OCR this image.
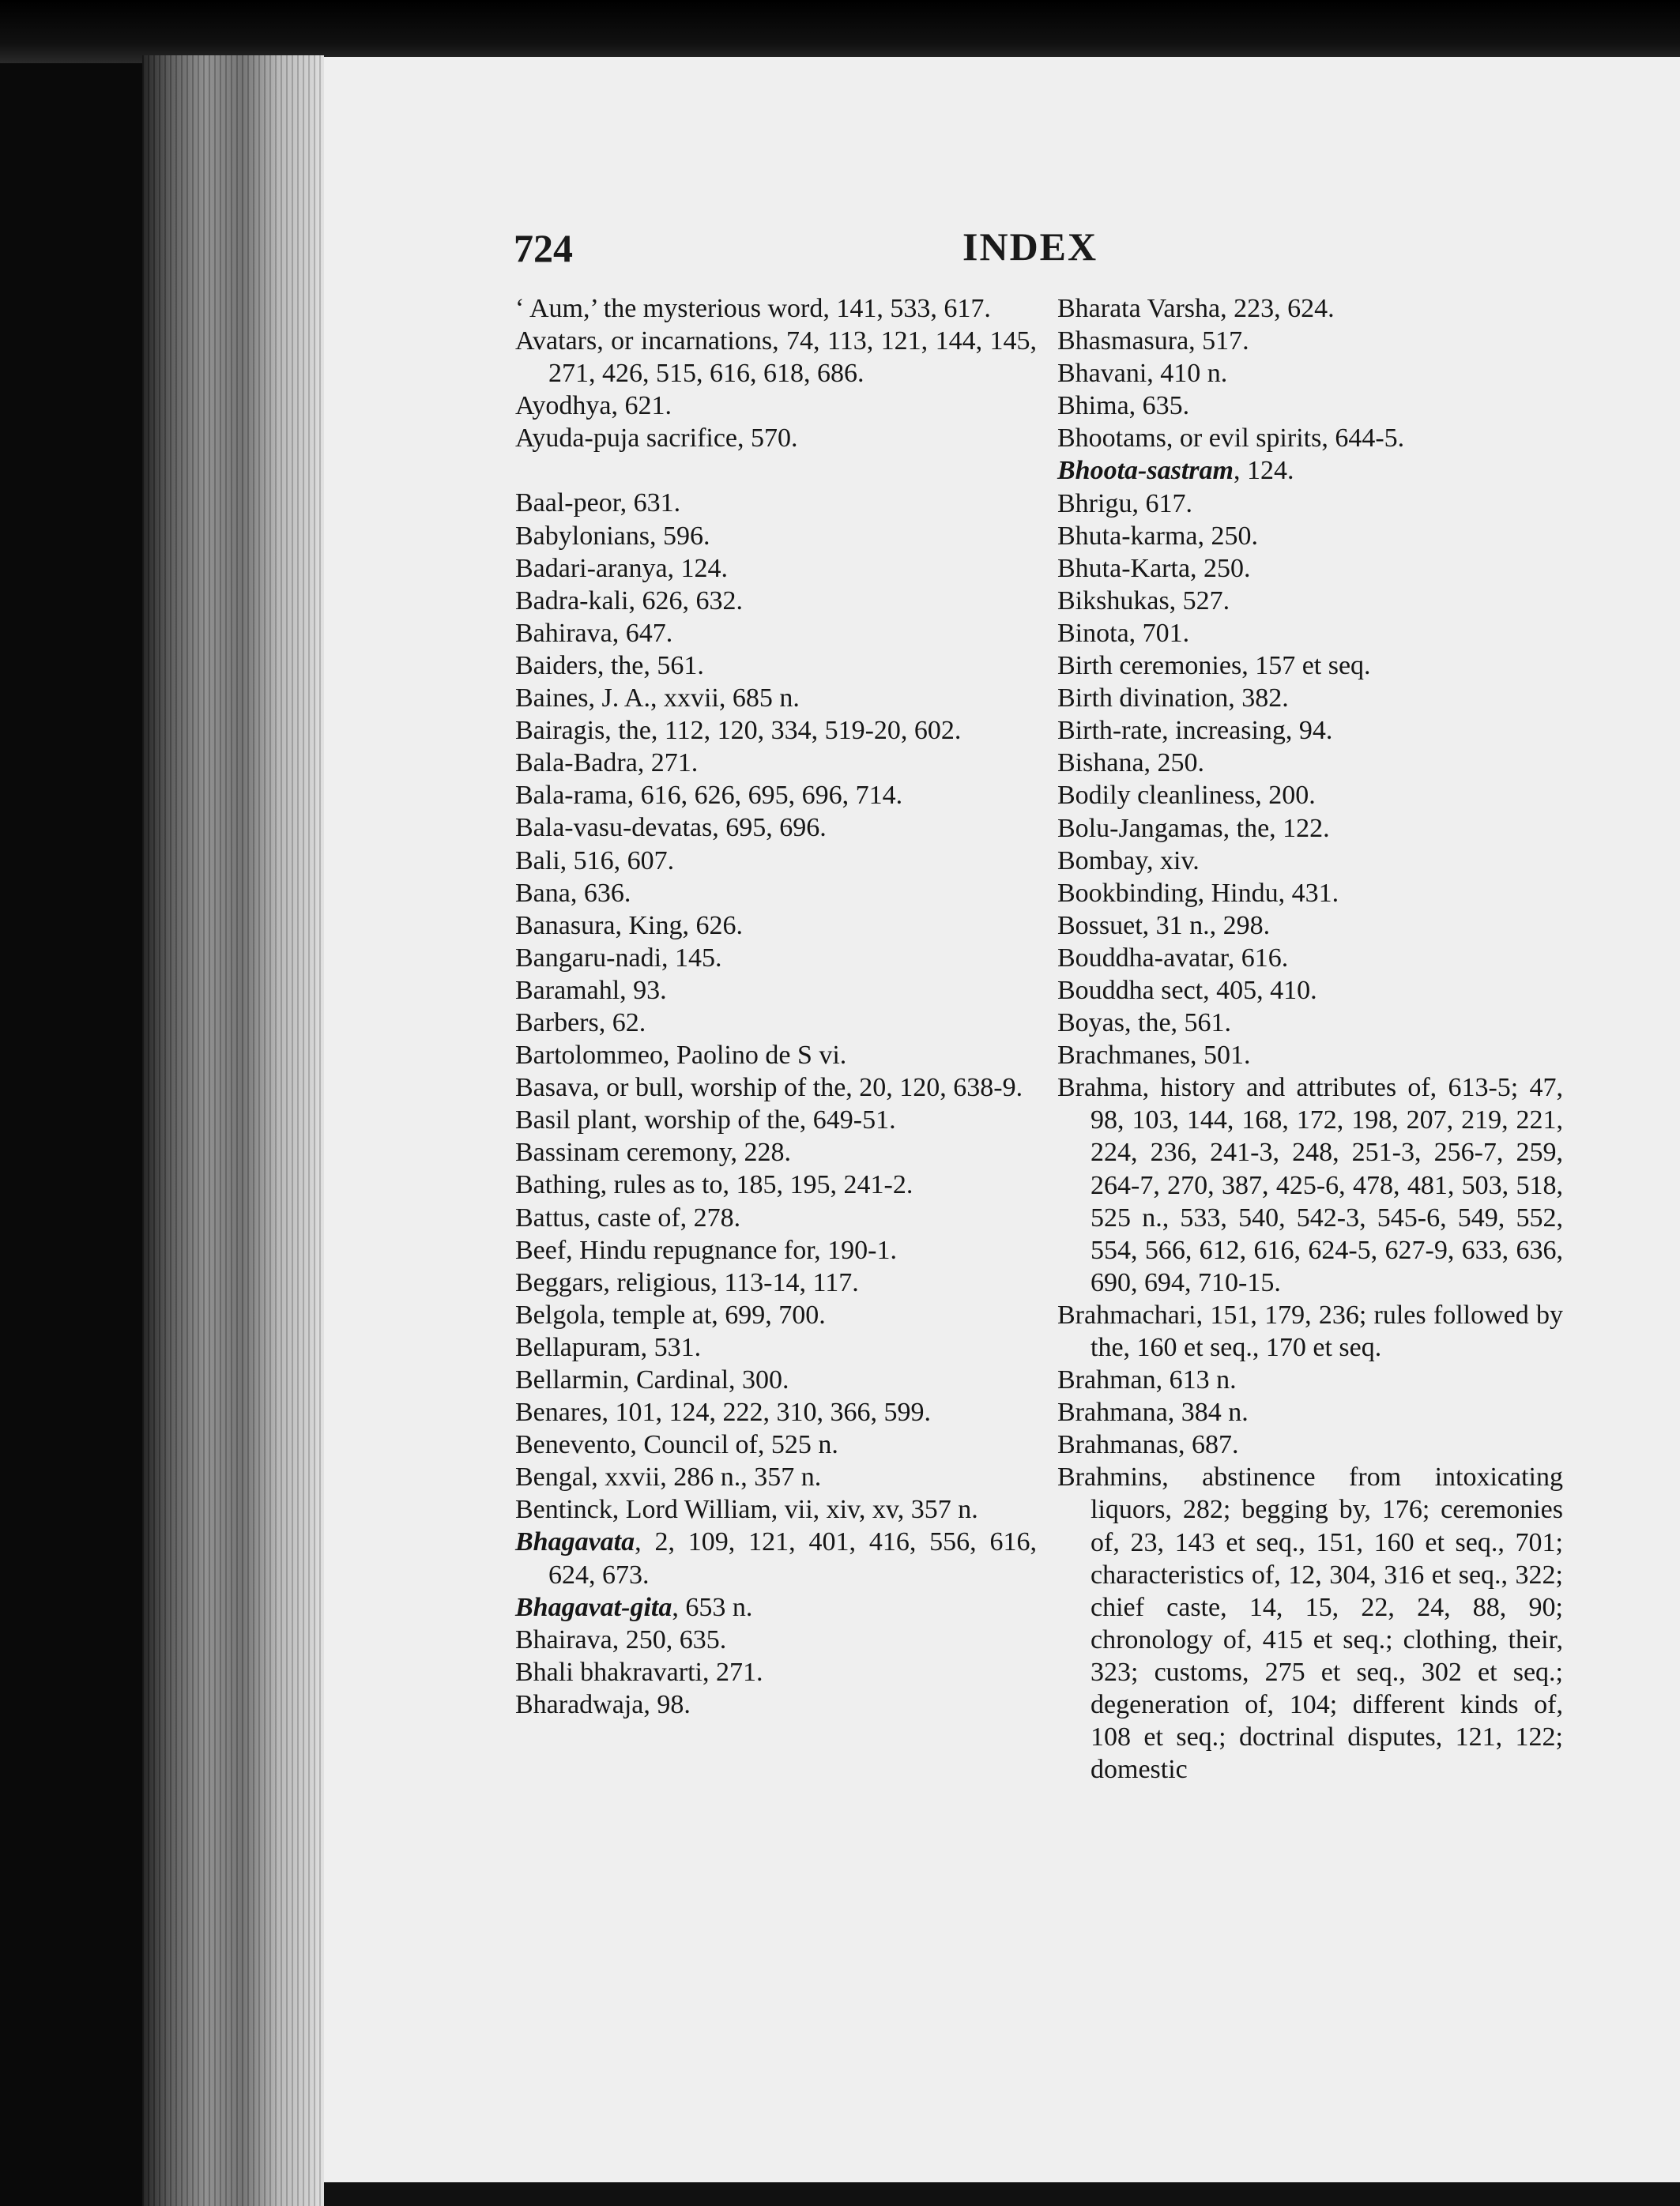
724	INDEX
‘ Aum,’ the mysterious word, 141, 533, 617.
Avatars, or incarnations, 74, 113, 121, 144, 145, 271, 426, 515, 616, 618, 686.
Ayodhya, 621.
Ayuda-puja sacrifice, 570.
Baal-peor, 631.
Babylonians, 596.
Badari-aranya, 124.
Badra-kali, 626, 632.
Bahirava, 647.
Baiders, the, 561.
Baines, J. A., xxvii, 685 n.
Bairagis, the, 112, 120, 334, 519-20, 602.
Bala-Badra, 271.
Bala-rama, 616, 626, 695, 696, 714.
Bala-vasu-devatas, 695, 696.
Bali, 516, 607.
Bana, 636.
Banasura, King, 626.
Bangaru-nadi, 145.
Baramahl, 93.
Barbers, 62.
Bartolommeo, Paolino de S vi.
Basava, or bull, worship of the, 20, 120, 638-9.
Basil plant, worship of the, 649-51.
Bassinam ceremony, 228.
Bathing, rules as to, 185, 195, 241-2.
Battus, caste of, 278.
Beef, Hindu repugnance for, 190-1.
Beggars, religious, 113-14, 117.
Belgola, temple at, 699, 700.
Bellapuram, 531.
Bellarmin, Cardinal, 300.
Benares, 101, 124, 222, 310, 366, 599.
Benevento, Council of, 525 n.
Bengal, xxvii, 286 n., 357 n.
Bentinck, Lord William, vii, xiv, xv, 357 n.
Bhagavata, 2, 109, 121, 401, 416, 556, 616, 624, 673.
Bhagavat-gita, 653 n.
Bhairava, 250, 635.
Bhali bhakravarti, 271.
Bharadwaja, 98.
Bharata Varsha, 223, 624.
Bhasmasura, 517.
Bhavani, 410 n.
Bhima, 635.
Bhootams, or evil spirits, 644-5.
Bhoota-sastram, 124.
Bhrigu, 617.
Bhuta-karma, 250.
Bhuta-Karta, 250.
Bikshukas, 527.
Binota, 701.
Birth ceremonies, 157 et seq.
Birth divination, 382.
Birth-rate, increasing, 94.
Bishana, 250.
Bodily cleanliness, 200.
Bolu-Jangamas, the, 122.
Bombay, xiv.
Bookbinding, Hindu, 431.
Bossuet, 31 n., 298.
Bouddha-avatar, 616.
Bouddha sect, 405, 410.
Boyas, the, 561.
Brachmanes, 501.
Brahma, history and attributes of, 613-5; 47, 98, 103, 144, 168, 172, 198, 207, 219, 221, 224, 236, 241-3, 248, 251-3, 256-7, 259, 264-7, 270, 387, 425-6, 478, 481, 503, 518, 525 n., 533, 540, 542-3, 545-6, 549, 552, 554, 566, 612, 616, 624-5, 627-9, 633, 636, 690, 694, 710-15.
Brahmachari, 151, 179, 236; rules followed by the, 160 et seq., 170 et seq.
Brahman, 613 n.
Brahmana, 384 n.
Brahmanas, 687.
Brahmins, abstinence from intoxicating liquors, 282; begging by, 176; ceremonies of, 23, 143 et seq., 151, 160 et seq., 701; characteristics of, 12, 304, 316 et seq., 322; chief caste, 14, 15, 22, 24, 88, 90; chronology of, 415 et seq.; clothing, their, 323; customs, 275 et seq., 302 et seq.; degeneration of, 104; different kinds of, 108 et seq.; doctrinal disputes, 121, 122; domestic
